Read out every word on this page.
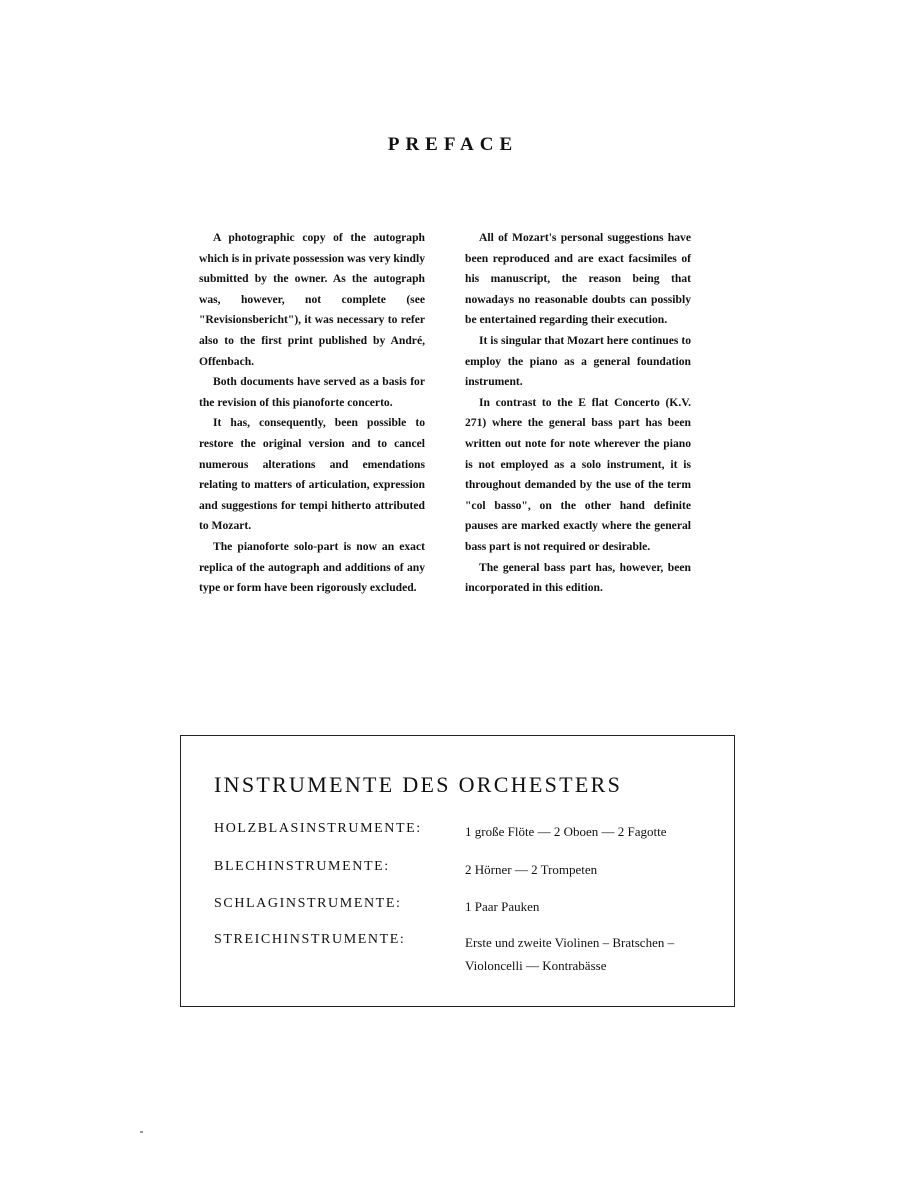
PREFACE

A photographic copy of the autograph which is in private possession was very kindly submitted by the owner. As the autograph was, however, not complete (see "Revisionsbericht"), it was necessary to refer also to the first print published by André, Offenbach.

Both documents have served as a basis for the revision of this pianoforte concerto.

It has, consequently, been possible to restore the original version and to cancel numerous alterations and emendations relating to matters of articulation, expression and suggestions for tempi hitherto attributed to Mozart.

The pianoforte solo-part is now an exact replica of the autograph and additions of any type or form have been rigorously excluded.

All of Mozart's personal suggestions have been reproduced and are exact facsimiles of his manuscript, the reason being that nowadays no reasonable doubts can possibly be entertained regarding their execution.

It is singular that Mozart here continues to employ the piano as a general foundation instrument.

In contrast to the E flat Concerto (K.V. 271) where the general bass part has been written out note for note wherever the piano is not employed as a solo instrument, it is throughout demanded by the use of the term "col basso", on the other hand definite pauses are marked exactly where the general bass part is not required or desirable.

The general bass part has, however, been incorporated in this edition.

INSTRUMENTE DES ORCHESTERS
HOLZBLASINSTRUMENTE:	1 große Flöte — 2 Oboen — 2 Fagotte
BLECHINSTRUMENTE:	2 Hörner — 2 Trompeten
SCHLAGINSTRUMENTE:	1 Paar Pauken
STREICHINSTRUMENTE:	Erste und zweite Violinen – Bratschen –
Violoncelli — Kontrabässe
